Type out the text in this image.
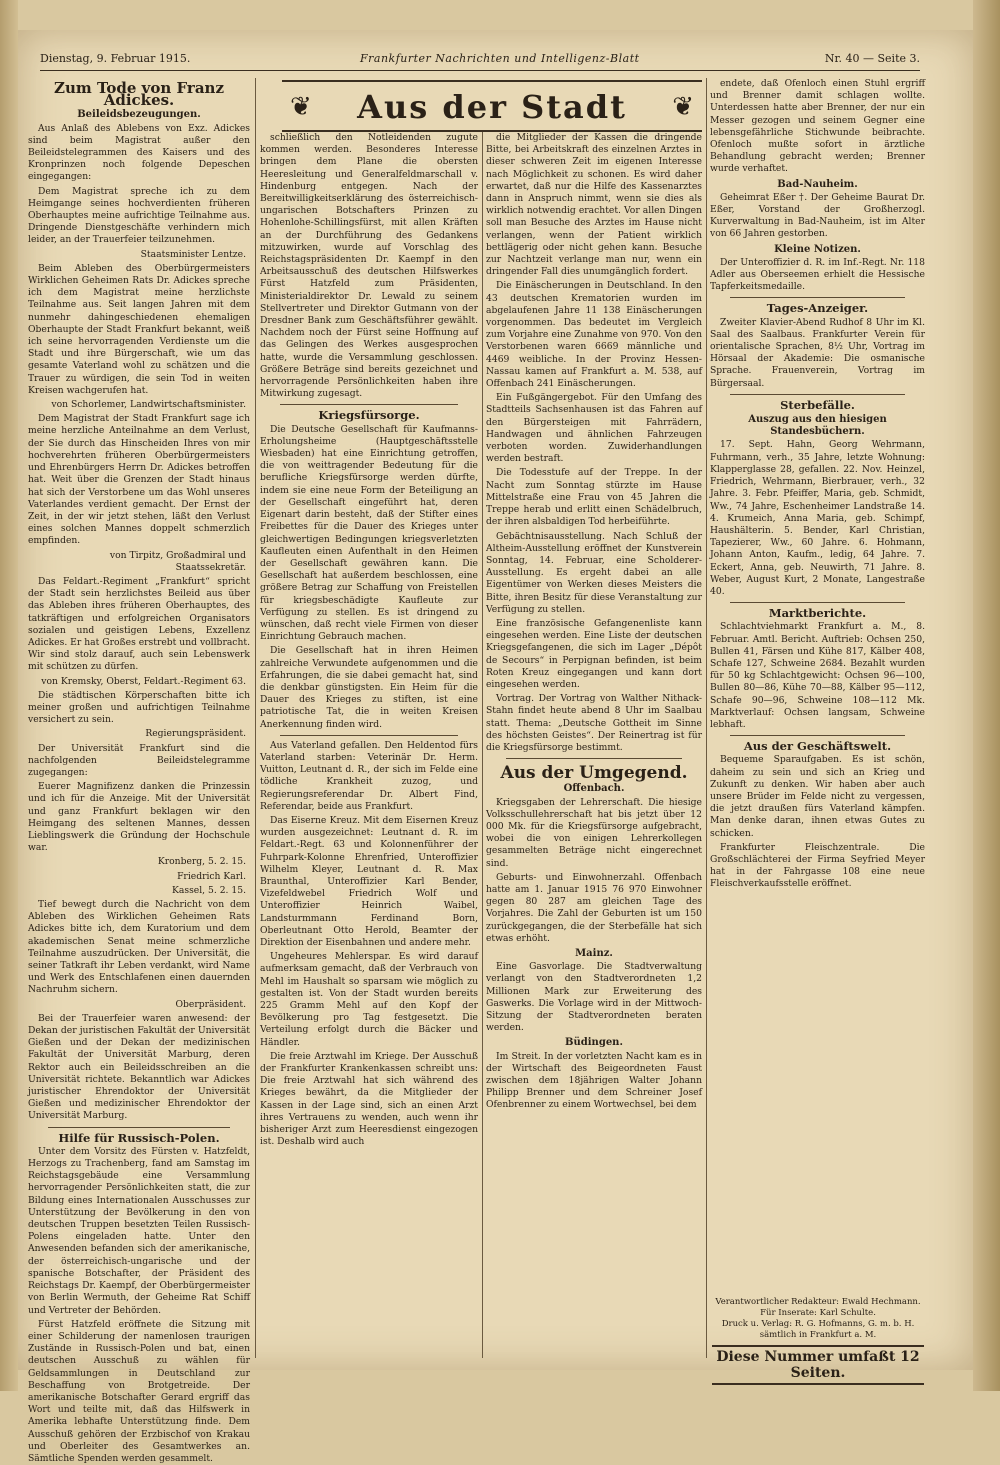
Dienstag, 9. Februar 1915.	Frankfurter Nachrichten und Intelligenz-Blatt	Nr. 40 — Seite 3.
❦	Aus der Stadt	❦
Zum Tode von Franz Adickes.
Beileidsbezeugungen.

Aus Anlaß des Ablebens von Exz. Adickes sind beim Magistrat außer den Beileidstelegrammen des Kaisers und des Kronprinzen noch folgende Depeschen eingegangen:

Dem Magistrat spreche ich zu dem Heimgange seines hochverdienten früheren Oberhauptes meine aufrichtige Teilnahme aus. Dringende Dienstgeschäfte verhindern mich leider, an der Trauerfeier teilzunehmen.

Staatsminister Lentze.

Beim Ableben des Oberbürgermeisters Wirklichen Geheimen Rats Dr. Adickes spreche ich dem Magistrat meine herzlichste Teilnahme aus. Seit langen Jahren mit dem nunmehr dahingeschiedenen ehemaligen Oberhaupte der Stadt Frankfurt bekannt, weiß ich seine hervorragenden Verdienste um die Stadt und ihre Bürgerschaft, wie um das gesamte Vaterland wohl zu schätzen und die Trauer zu würdigen, die sein Tod in weiten Kreisen wachgerufen hat.

von Schorlemer, Landwirtschaftsminister.

Dem Magistrat der Stadt Frankfurt sage ich meine herzliche Anteilnahme an dem Verlust, der Sie durch das Hinscheiden Ihres von mir hochverehrten früheren Oberbürgermeisters und Ehrenbürgers Herrn Dr. Adickes betroffen hat. Weit über die Grenzen der Stadt hinaus hat sich der Verstorbene um das Wohl unseres Vaterlandes verdient gemacht. Der Ernst der Zeit, in der wir jetzt stehen, läßt den Verlust eines solchen Mannes doppelt schmerzlich empfinden.

von Tirpitz, Großadmiral und Staatssekretär.

Das Feldart.-Regiment „Frankfurt“ spricht der Stadt sein herzlichstes Beileid aus über das Ableben ihres früheren Oberhauptes, des tatkräftigen und erfolgreichen Organisators sozialen und geistigen Lebens, Exzellenz Adickes. Er hat Großes erstrebt und vollbracht. Wir sind stolz darauf, auch sein Lebenswerk mit schützen zu dürfen.

von Kremsky, Oberst, Feldart.-Regiment 63.

Die städtischen Körperschaften bitte ich meiner großen und aufrichtigen Teilnahme versichert zu sein.

Regierungspräsident.

Der Universität Frankfurt sind die nachfolgenden Beileidstelegramme zugegangen:

Euerer Magnifizenz danken die Prinzessin und ich für die Anzeige. Mit der Universität und ganz Frankfurt beklagen wir den Heimgang des seltenen Mannes, dessen Lieblingswerk die Gründung der Hochschule war.

Kronberg, 5. 2. 15.

Friedrich Karl.

Kassel, 5. 2. 15.

Tief bewegt durch die Nachricht von dem Ableben des Wirklichen Geheimen Rats Adickes bitte ich, dem Kuratorium und dem akademischen Senat meine schmerzliche Teilnahme auszudrücken. Der Universität, die seiner Tatkraft ihr Leben verdankt, wird Name und Werk des Entschlafenen einen dauernden Nachruhm sichern.

Oberpräsident.

Bei der Trauerfeier waren anwesend: der Dekan der juristischen Fakultät der Universität Gießen und der Dekan der medizinischen Fakultät der Universität Marburg, deren Rektor auch ein Beileidsschreiben an die Universität richtete. Bekanntlich war Adickes juristischer Ehrendoktor der Universität Gießen und medizinischer Ehrendoktor der Universität Marburg.

Hilfe für Russisch-Polen.

Unter dem Vorsitz des Fürsten v. Hatzfeldt, Herzogs zu Trachenberg, fand am Samstag im Reichstagsgebäude eine Versammlung hervorragender Persönlichkeiten statt, die zur Bildung eines Internationalen Ausschusses zur Unterstützung der Bevölkerung in den von deutschen Truppen besetzten Teilen Russisch-Polens eingeladen hatte. Unter den Anwesenden befanden sich der amerikanische, der österreichisch-ungarische und der spanische Botschafter, der Präsident des Reichstags Dr. Kaempf, der Oberbürgermeister von Berlin Wermuth, der Geheime Rat Schiff und Vertreter der Behörden.

Fürst Hatzfeld eröffnete die Sitzung mit einer Schilderung der namenlosen traurigen Zustände in Russisch-Polen und bat, einen deutschen Ausschuß zu wählen für Geldsammlungen in Deutschland zur Beschaffung von Brotgetreide. Der amerikanische Botschafter Gerard ergriff das Wort und teilte mit, daß das Hilfswerk in Amerika lebhafte Unterstützung finde. Dem Ausschuß gehören der Erzbischof von Krakau und Oberleiter des Gesamtwerkes an. Sämtliche Spenden werden gesammelt.

schließlich den Notleidenden zugute kommen werden. Besonderes Interesse bringen dem Plane die obersten Heeresleitung und Generalfeldmarschall v. Hindenburg entgegen. Nach der Bereitwilligkeitserklärung des österreichisch-ungarischen Botschafters Prinzen zu Hohenlohe-Schillingsfürst, mit allen Kräften an der Durchführung des Gedankens mitzuwirken, wurde auf Vorschlag des Reichstagspräsidenten Dr. Kaempf in den Arbeitsausschuß des deutschen Hilfswerkes Fürst Hatzfeld zum Präsidenten, Ministerialdirektor Dr. Lewald zu seinem Stellvertreter und Direktor Gutmann von der Dresdner Bank zum Geschäftsführer gewählt. Nachdem noch der Fürst seine Hoffnung auf das Gelingen des Werkes ausgesprochen hatte, wurde die Versammlung geschlossen. Größere Beträge sind bereits gezeichnet und hervorragende Persönlichkeiten haben ihre Mitwirkung zugesagt.

Kriegsfürsorge.

Die Deutsche Gesellschaft für Kaufmanns-Erholungsheime (Hauptgeschäftsstelle Wiesbaden) hat eine Einrichtung getroffen, die von weittragender Bedeutung für die berufliche Kriegsfürsorge werden dürfte, indem sie eine neue Form der Beteiligung an der Gesellschaft eingeführt hat, deren Eigenart darin besteht, daß der Stifter eines Freibettes für die Dauer des Krieges unter gleichwertigen Bedingungen kriegsverletzten Kaufleuten einen Aufenthalt in den Heimen der Gesellschaft gewähren kann. Die Gesellschaft hat außerdem beschlossen, eine größere Betrag zur Schaffung von Freistellen für kriegsbeschädigte Kaufleute zur Verfügung zu stellen. Es ist dringend zu wünschen, daß recht viele Firmen von dieser Einrichtung Gebrauch machen.

Die Gesellschaft hat in ihren Heimen zahlreiche Verwundete aufgenommen und die Erfahrungen, die sie dabei gemacht hat, sind die denkbar günstigsten. Ein Heim für die Dauer des Krieges zu stiften, ist eine patriotische Tat, die in weiten Kreisen Anerkennung finden wird.

Aus Vaterland gefallen. Den Heldentod fürs Vaterland starben: Veterinär Dr. Herm. Vuitton, Leutnant d. R., der sich im Felde eine tödliche Krankheit zuzog, und Regierungsreferendar Dr. Albert Find, Referendar, beide aus Frankfurt.

Das Eiserne Kreuz. Mit dem Eisernen Kreuz wurden ausgezeichnet: Leutnant d. R. im Feldart.-Regt. 63 und Kolonnenführer der Fuhrpark-Kolonne Ehrenfried, Unteroffizier Wilhelm Kleyer, Leutnant d. R. Max Braunthal, Unteroffizier Karl Bender, Vizefeldwebel Friedrich Wolf und Unteroffizier Heinrich Waibel, Landsturmmann Ferdinand Born, Oberleutnant Otto Herold, Beamter der Direktion der Eisenbahnen und andere mehr.

Ungeheures Mehlerspar. Es wird darauf aufmerksam gemacht, daß der Verbrauch von Mehl im Haushalt so sparsam wie möglich zu gestalten ist. Von der Stadt wurden bereits 225 Gramm Mehl auf den Kopf der Bevölkerung pro Tag festgesetzt. Die Verteilung erfolgt durch die Bäcker und Händler.

Die freie Arztwahl im Kriege. Der Ausschuß der Frankfurter Krankenkassen schreibt uns: Die freie Arztwahl hat sich während des Krieges bewährt, da die Mitglieder der Kassen in der Lage sind, sich an einen Arzt ihres Vertrauens zu wenden, auch wenn ihr bisheriger Arzt zum Heeresdienst eingezogen ist. Deshalb wird auch

die Mitglieder der Kassen die dringende Bitte, bei Arbeitskraft des einzelnen Arztes in dieser schweren Zeit im eigenen Interesse nach Möglichkeit zu schonen. Es wird daher erwartet, daß nur die Hilfe des Kassenarztes dann in Anspruch nimmt, wenn sie dies als wirklich notwendig erachtet. Vor allen Dingen soll man Besuche des Arztes im Hause nicht verlangen, wenn der Patient wirklich bettlägerig oder nicht gehen kann. Besuche zur Nachtzeit verlange man nur, wenn ein dringender Fall dies unumgänglich fordert.

Die Einäscherungen in Deutschland. In den 43 deutschen Krematorien wurden im abgelaufenen Jahre 11 138 Einäscherungen vorgenommen. Das bedeutet im Vergleich zum Vorjahre eine Zunahme von 970. Von den Verstorbenen waren 6669 männliche und 4469 weibliche. In der Provinz Hessen-Nassau kamen auf Frankfurt a. M. 538, auf Offenbach 241 Einäscherungen.

Ein Fußgängergebot. Für den Umfang des Stadtteils Sachsenhausen ist das Fahren auf den Bürgersteigen mit Fahrrädern, Handwagen und ähnlichen Fahrzeugen verboten worden. Zuwiderhandlungen werden bestraft.

Die Todesstufe auf der Treppe. In der Nacht zum Sonntag stürzte im Hause Mittelstraße eine Frau von 45 Jahren die Treppe herab und erlitt einen Schädelbruch, der ihren alsbaldigen Tod herbeiführte.

Gebächtnisausstellung. Nach Schluß der Altheim-Ausstellung eröffnet der Kunstverein Sonntag, 14. Februar, eine Scholderer-Ausstellung. Es ergeht dabei an alle Eigentümer von Werken dieses Meisters die Bitte, ihren Besitz für diese Veranstaltung zur Verfügung zu stellen.

Eine französische Gefangenenliste kann eingesehen werden. Eine Liste der deutschen Kriegsgefangenen, die sich im Lager „Dépôt de Secours“ in Perpignan befinden, ist beim Roten Kreuz eingegangen und kann dort eingesehen werden.

Vortrag. Der Vortrag von Walther Nithack-Stahn findet heute abend 8 Uhr im Saalbau statt. Thema: „Deutsche Gottheit im Sinne des höchsten Geistes“. Der Reinertrag ist für die Kriegsfürsorge bestimmt.

Aus der Umgegend.
Offenbach.

Kriegsgaben der Lehrerschaft. Die hiesige Volksschullehrerschaft hat bis jetzt über 12 000 Mk. für die Kriegsfürsorge aufgebracht, wobei die von einigen Lehrerkollegen gesammelten Beträge nicht eingerechnet sind.

Geburts- und Einwohnerzahl. Offenbach hatte am 1. Januar 1915 76 970 Einwohner gegen 80 287 am gleichen Tage des Vorjahres. Die Zahl der Geburten ist um 150 zurückgegangen, die der Sterbefälle hat sich etwas erhöht.

Mainz.

Eine Gasvorlage. Die Stadtverwaltung verlangt von den Stadtverordneten 1,2 Millionen Mark zur Erweiterung des Gaswerks. Die Vorlage wird in der Mittwoch-Sitzung der Stadtverordneten beraten werden.

Büdingen.

Im Streit. In der vorletzten Nacht kam es in der Wirtschaft des Beigeordneten Faust zwischen dem 18jährigen Walter Johann Philipp Brenner und dem Schreiner Josef Ofenbrenner zu einem Wortwechsel, bei dem

endete, daß Ofenloch einen Stuhl ergriff und Brenner damit schlagen wollte. Unterdessen hatte aber Brenner, der nur ein Messer gezogen und seinem Gegner eine lebensgefährliche Stichwunde beibrachte. Ofenloch mußte sofort in ärztliche Behandlung gebracht werden; Brenner wurde verhaftet.

Bad-Nauheim.

Geheimrat Eßer †. Der Geheime Baurat Dr. Eßer, Vorstand der Großherzogl. Kurverwaltung in Bad-Nauheim, ist im Alter von 66 Jahren gestorben.

Kleine Notizen.

Der Unteroffizier d. R. im Inf.-Regt. Nr. 118 Adler aus Oberseemen erhielt die Hessische Tapferkeitsmedaille.

Tages-Anzeiger.

Zweiter Klavier-Abend Rudhof 8 Uhr im Kl. Saal des Saalbaus. Frankfurter Verein für orientalische Sprachen, 8½ Uhr, Vortrag im Hörsaal der Akademie: Die osmanische Sprache. Frauenverein, Vortrag im Bürgersaal.

Sterbefälle.
Auszug aus den hiesigen Standesbüchern.

17. Sept. Hahn, Georg Wehrmann, Fuhrmann, verh., 35 Jahre, letzte Wohnung: Klapperglasse 28, gefallen. 22. Nov. Heinzel, Friedrich, Wehrmann, Bierbrauer, verh., 32 Jahre. 3. Febr. Pfeiffer, Maria, geb. Schmidt, Ww., 74 Jahre, Eschenheimer Landstraße 14. 4. Krumeich, Anna Maria, geb. Schimpf, Haushälterin. 5. Bender, Karl Christian, Tapezierer, Ww., 60 Jahre. 6. Hohmann, Johann Anton, Kaufm., ledig, 64 Jahre. 7. Eckert, Anna, geb. Neuwirth, 71 Jahre. 8. Weber, August Kurt, 2 Monate, Langestraße 40.

Marktberichte.

Schlachtviehmarkt Frankfurt a. M., 8. Februar. Amtl. Bericht. Auftrieb: Ochsen 250, Bullen 41, Färsen und Kühe 817, Kälber 408, Schafe 127, Schweine 2684. Bezahlt wurden für 50 kg Schlachtgewicht: Ochsen 96—100, Bullen 80—86, Kühe 70—88, Kälber 95—112, Schafe 90—96, Schweine 108—112 Mk. Marktverlauf: Ochsen langsam, Schweine lebhaft.

Aus der Geschäftswelt.

Bequeme Sparaufgaben. Es ist schön, daheim zu sein und sich an Krieg und Zukunft zu denken. Wir haben aber auch unsere Brüder im Felde nicht zu vergessen, die jetzt draußen fürs Vaterland kämpfen. Man denke daran, ihnen etwas Gutes zu schicken.

Frankfurter Fleischzentrale. Die Großschlächterei der Firma Seyfried Meyer hat in der Fahrgasse 108 eine neue Fleischverkaufsstelle eröffnet.

Verantwortlicher Redakteur: Ewald Hechmann.
Für Inserate: Karl Schulte.
Druck u. Verlag: R. G. Hofmanns, G. m. b. H. sämtlich in Frankfurt a. M.
Diese Nummer umfaßt 12 Seiten.
